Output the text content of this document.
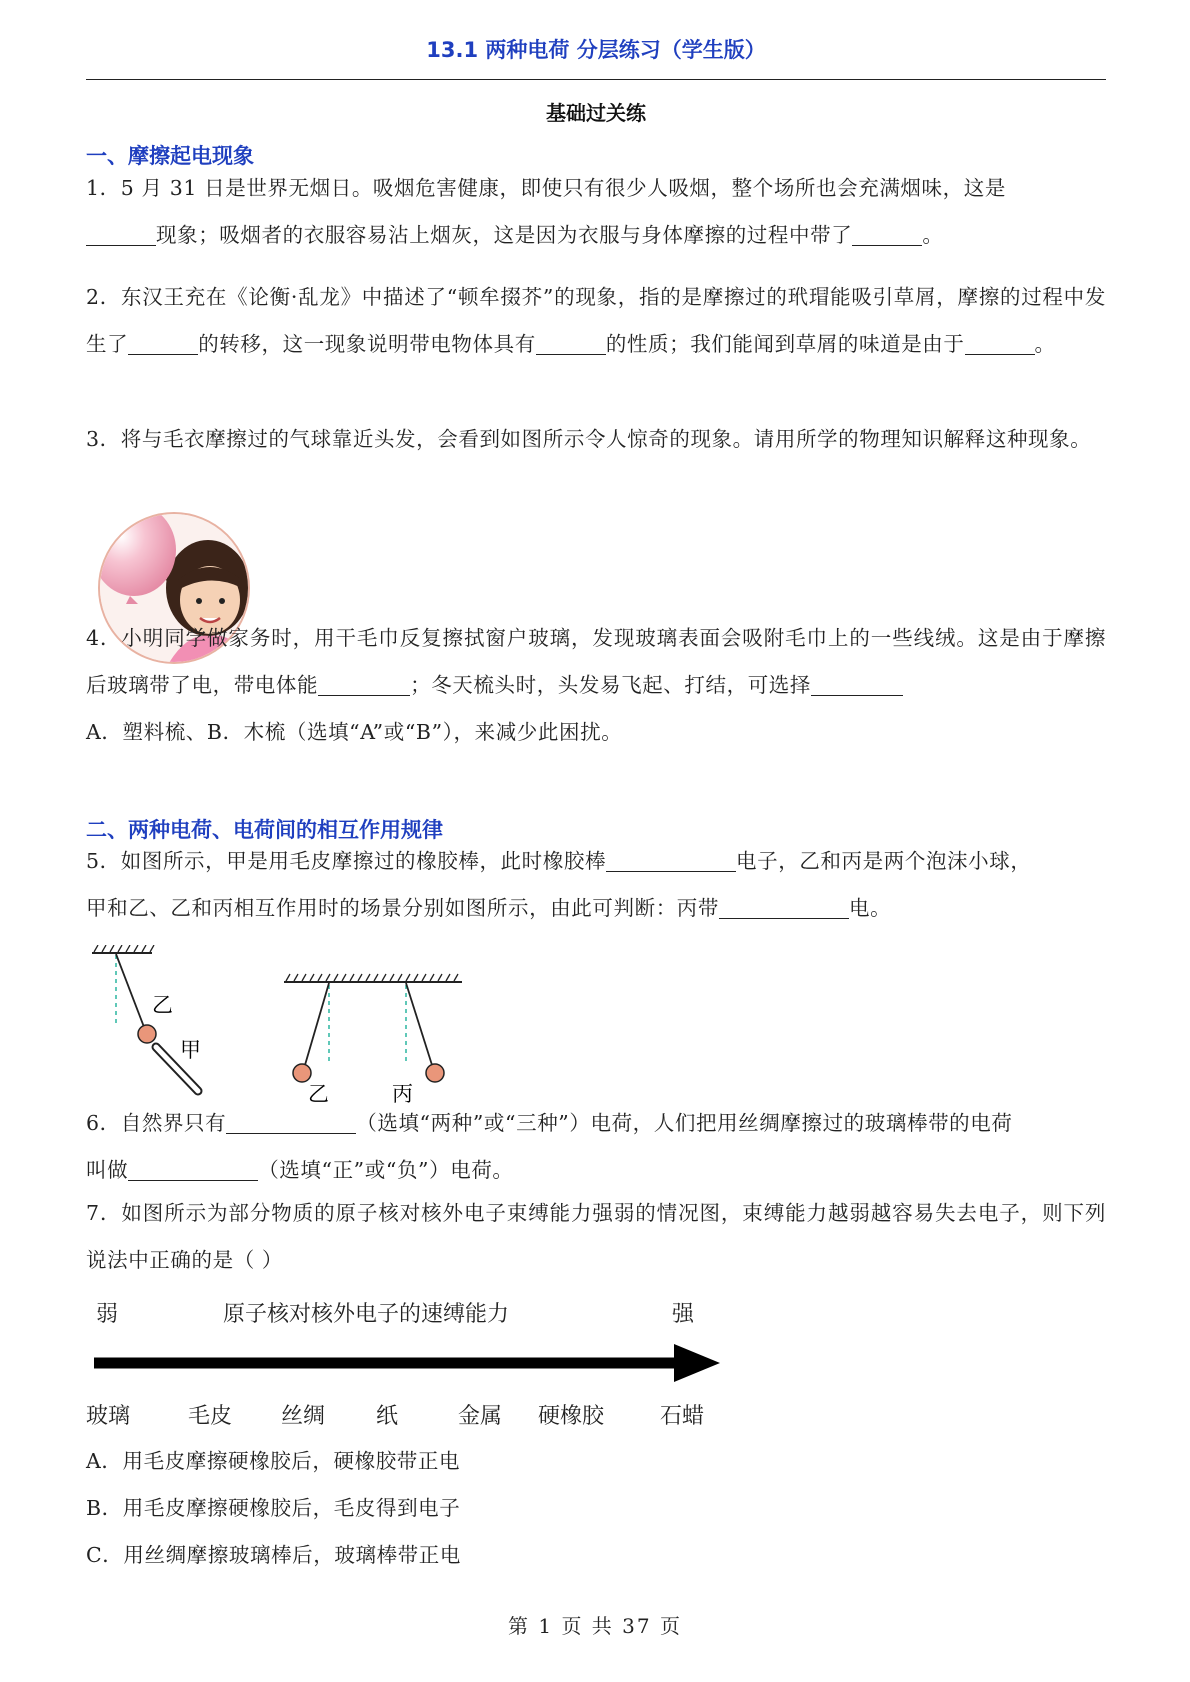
13.1 两种电荷 分层练习（学生版）
基础过关练
一、摩擦起电现象
1．5 月 31 日是世界无烟日。吸烟危害健康，即使只有很少人吸烟，整个场所也会充满烟味，这是
现象；吸烟者的衣服容易沾上烟灰，这是因为衣服与身体摩擦的过程中带了	。
2．东汉王充在《论衡·乱龙》中描述了“顿牟掇芥”的现象，指的是摩擦过的玳瑁能吸引草屑，摩擦的过程中发生了	的转移，这一现象说明带电物体具有	的性质；我们能闻到草屑的味道是由于	。
3．将与毛衣摩擦过的气球靠近头发，会看到如图所示令人惊奇的现象。请用所学的物理知识解释这种现象。
4．小明同学做家务时，用干毛巾反复擦拭窗户玻璃，发现玻璃表面会吸附毛巾上的一些线绒。这是由于摩擦后玻璃带了电，带电体能	；冬天梳头时，头发易飞起、打结，可选择
A．塑料梳、B．木梳（选填“A”或“B”），来减少此困扰。
二、两种电荷、电荷间的相互作用规律
5．如图所示，甲是用毛皮摩擦过的橡胶棒，此时橡胶棒	电子，乙和丙是两个泡沫小球，
甲和乙、乙和丙相互作用时的场景分别如图所示，由此可判断：丙带	电。
乙
甲
乙	丙
6．自然界只有	（选填“两种”或“三种”）电荷，人们把用丝绸摩擦过的玻璃棒带的电荷
叫做	（选填“正”或“负”）电荷。
7．如图所示为部分物质的原子核对核外电子束缚能力强弱的情况图，束缚能力越弱越容易失去电子，则下列说法中正确的是（ ）
弱	原子核对核外电子的速缚能力	强
玻璃	毛皮 丝绸 纸	金属 硬橡胶	石蜡
A．用毛皮摩擦硬橡胶后，硬橡胶带正电
B．用毛皮摩擦硬橡胶后，毛皮得到电子
C．用丝绸摩擦玻璃棒后，玻璃棒带正电
第 1 页 共 37 页
